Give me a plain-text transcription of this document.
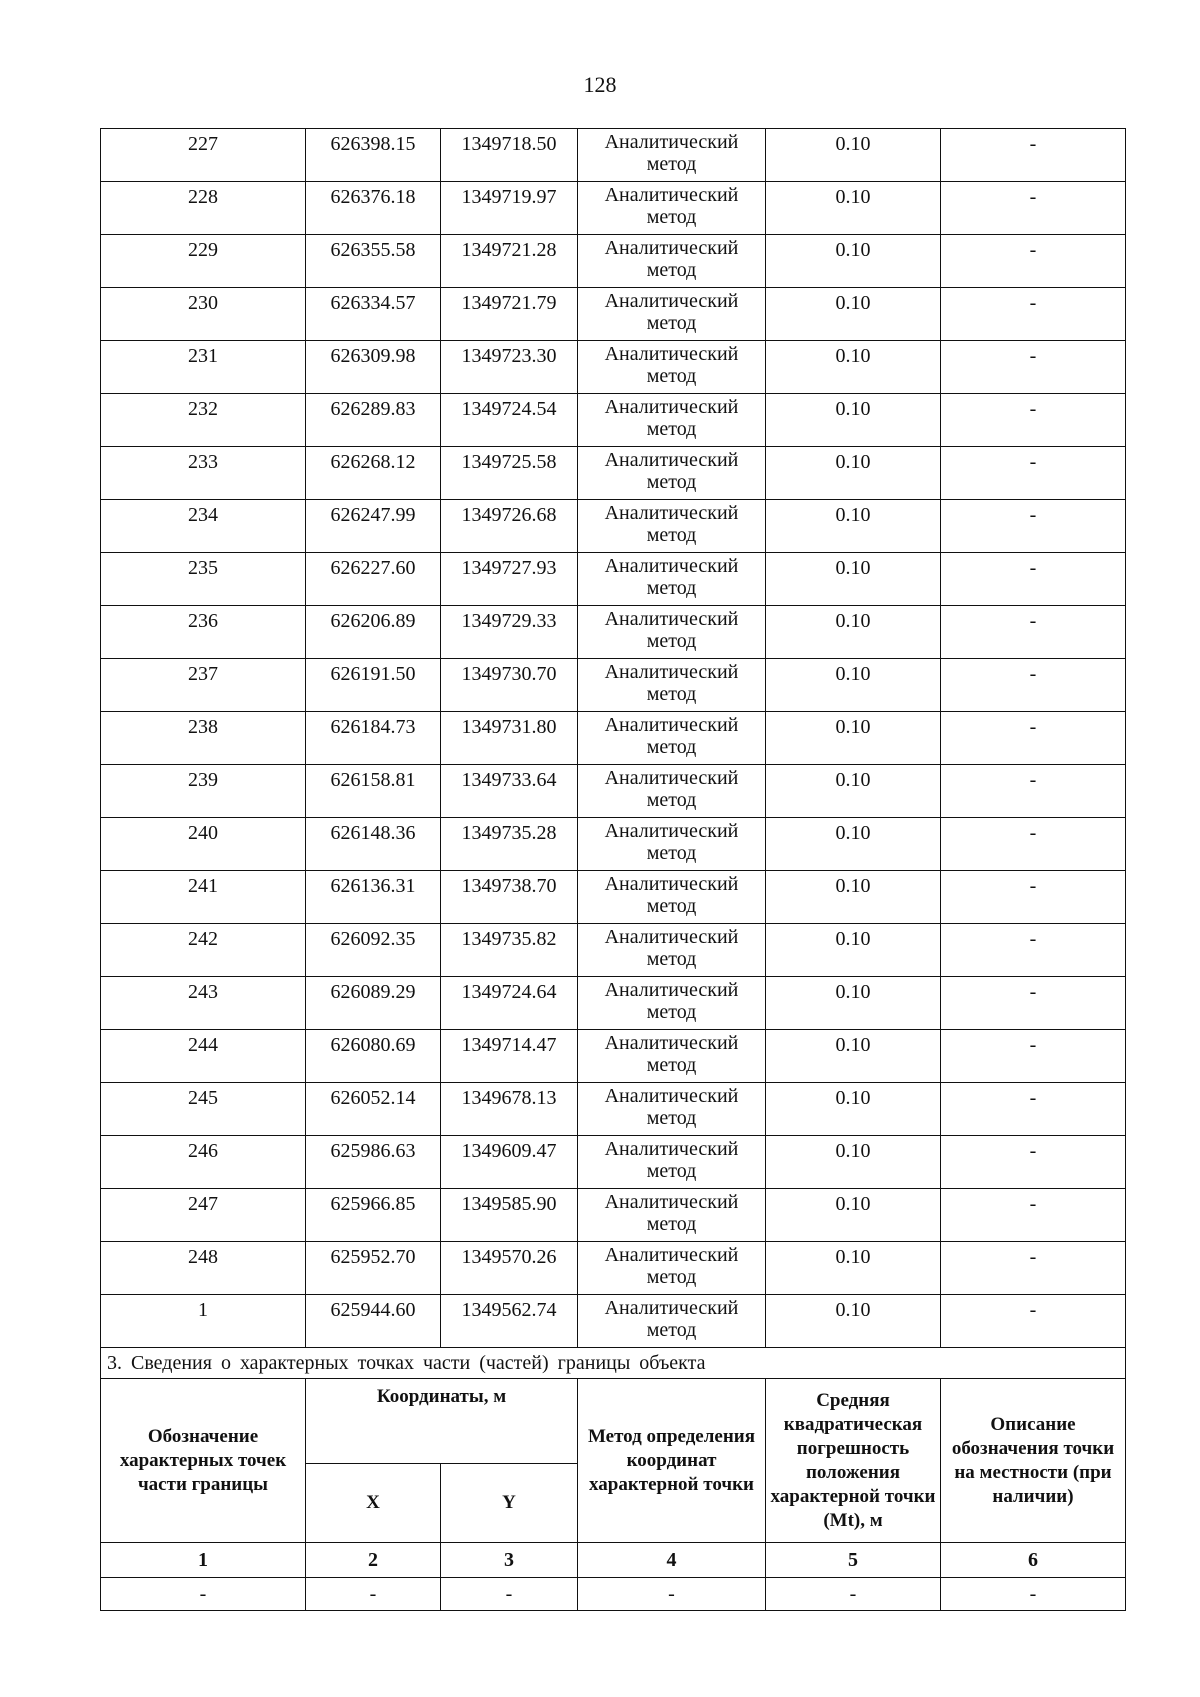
128
227	626398.15	1349718.50	Аналитический метод	0.10	-
228	626376.18	1349719.97	Аналитический метод	0.10	-
229	626355.58	1349721.28	Аналитический метод	0.10	-
230	626334.57	1349721.79	Аналитический метод	0.10	-
231	626309.98	1349723.30	Аналитический метод	0.10	-
232	626289.83	1349724.54	Аналитический метод	0.10	-
233	626268.12	1349725.58	Аналитический метод	0.10	-
234	626247.99	1349726.68	Аналитический метод	0.10	-
235	626227.60	1349727.93	Аналитический метод	0.10	-
236	626206.89	1349729.33	Аналитический метод	0.10	-
237	626191.50	1349730.70	Аналитический метод	0.10	-
238	626184.73	1349731.80	Аналитический метод	0.10	-
239	626158.81	1349733.64	Аналитический метод	0.10	-
240	626148.36	1349735.28	Аналитический метод	0.10	-
241	626136.31	1349738.70	Аналитический метод	0.10	-
242	626092.35	1349735.82	Аналитический метод	0.10	-
243	626089.29	1349724.64	Аналитический метод	0.10	-
244	626080.69	1349714.47	Аналитический метод	0.10	-
245	626052.14	1349678.13	Аналитический метод	0.10	-
246	625986.63	1349609.47	Аналитический метод	0.10	-
247	625966.85	1349585.90	Аналитический метод	0.10	-
248	625952.70	1349570.26	Аналитический метод	0.10	-
1	625944.60	1349562.74	Аналитический метод	0.10	-
3. Сведения о характерных точках части (частей) границы объекта					
Обозначение характерных точек части границы	Координаты, м		Метод определения координат характерной точки	Средняя квадратическая погрешность положения характерной точки (Mt), м	Описание обозначения точки на местности (при наличии)
	X	Y			
1	2	3	4	5	6
-	-	-	-	-	-
